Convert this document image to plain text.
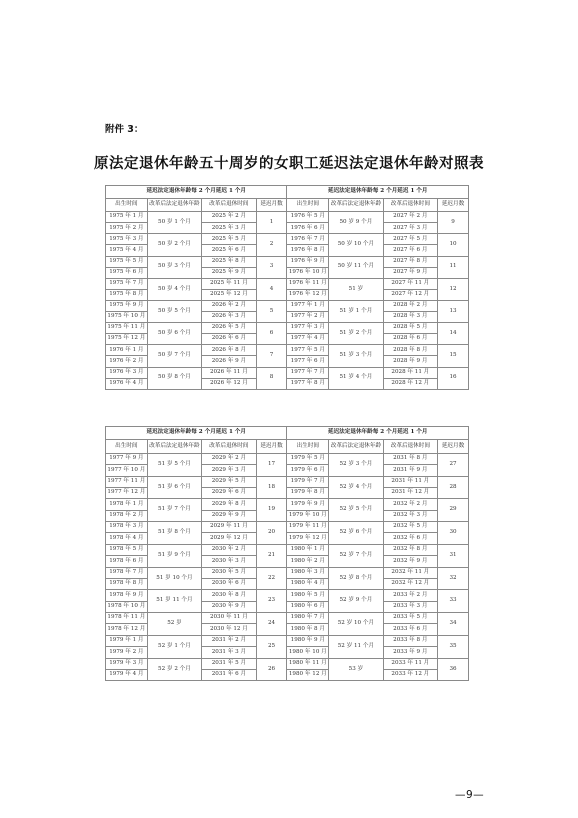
附件 3：
原法定退休年龄五十周岁的女职工延迟法定退休年龄对照表
延迟法定退休年龄每 2 个月延迟 1 个月				延迟法定退休年龄每 2 个月延迟 1 个月			
出生时间	改革后法定退休年龄	改革后退休时间	延迟月数	出生时间	改革后法定退休年龄	改革后退休时间	延迟月数
1975 年 1 月	50 岁 1 个月	2025 年 2 月	1	1976 年 5 月	50 岁 9 个月	2027 年 2 月	9
1975 年 2 月		2025 年 3 月		1976 年 6 月		2027 年 3 月	
1975 年 3 月	50 岁 2 个月	2025 年 5 月	2	1976 年 7 月	50 岁 10 个月	2027 年 5 月	10
1975 年 4 月		2025 年 6 月		1976 年 8 月		2027 年 6 月	
1975 年 5 月	50 岁 3 个月	2025 年 8 月	3	1976 年 9 月	50 岁 11 个月	2027 年 8 月	11
1975 年 6 月		2025 年 9 月		1976 年 10 月		2027 年 9 月	
1975 年 7 月	50 岁 4 个月	2025 年 11 月	4	1976 年 11 月	51 岁	2027 年 11 月	12
1975 年 8 月		2025 年 12 月		1976 年 12 月		2027 年 12 月	
1975 年 9 月	50 岁 5 个月	2026 年 2 月	5	1977 年 1 月	51 岁 1 个月	2028 年 2 月	13
1975 年 10 月		2026 年 3 月		1977 年 2 月		2028 年 3 月	
1975 年 11 月	50 岁 6 个月	2026 年 5 月	6	1977 年 3 月	51 岁 2 个月	2028 年 5 月	14
1975 年 12 月		2026 年 6 月		1977 年 4 月		2028 年 6 月	
1976 年 1 月	50 岁 7 个月	2026 年 8 月	7	1977 年 5 月	51 岁 3 个月	2028 年 8 月	15
1976 年 2 月		2026 年 9 月		1977 年 6 月		2028 年 9 月	
1976 年 3 月	50 岁 8 个月	2026 年 11 月	8	1977 年 7 月	51 岁 4 个月	2028 年 11 月	16
1976 年 4 月		2026 年 12 月		1977 年 8 月		2028 年 12 月	
延迟法定退休年龄每 2 个月延迟 1 个月				延迟法定退休年龄每 2 个月延迟 1 个月			
出生时间	改革后法定退休年龄	改革后退休时间	延迟月数	出生时间	改革后法定退休年龄	改革后退休时间	延迟月数
1977 年 9 月	51 岁 5 个月	2029 年 2 月	17	1979 年 5 月	52 岁 3 个月	2031 年 8 月	27
1977 年 10 月		2029 年 3 月		1979 年 6 月		2031 年 9 月	
1977 年 11 月	51 岁 6 个月	2029 年 5 月	18	1979 年 7 月	52 岁 4 个月	2031 年 11 月	28
1977 年 12 月		2029 年 6 月		1979 年 8 月		2031 年 12 月	
1978 年 1 月	51 岁 7 个月	2029 年 8 月	19	1979 年 9 月	52 岁 5 个月	2032 年 2 月	29
1978 年 2 月		2029 年 9 月		1979 年 10 月		2032 年 3 月	
1978 年 3 月	51 岁 8 个月	2029 年 11 月	20	1979 年 11 月	52 岁 6 个月	2032 年 5 月	30
1978 年 4 月		2029 年 12 月		1979 年 12 月		2032 年 6 月	
1978 年 5 月	51 岁 9 个月	2030 年 2 月	21	1980 年 1 月	52 岁 7 个月	2032 年 8 月	31
1978 年 6 月		2030 年 3 月		1980 年 2 月		2032 年 9 月	
1978 年 7 月	51 岁 10 个月	2030 年 5 月	22	1980 年 3 月	52 岁 8 个月	2032 年 11 月	32
1978 年 8 月		2030 年 6 月		1980 年 4 月		2032 年 12 月	
1978 年 9 月	51 岁 11 个月	2030 年 8 月	23	1980 年 5 月	52 岁 9 个月	2033 年 2 月	33
1978 年 10 月		2030 年 9 月		1980 年 6 月		2033 年 3 月	
1978 年 11 月	52 岁	2030 年 11 月	24	1980 年 7 月	52 岁 10 个月	2033 年 5 月	34
1978 年 12 月		2030 年 12 月		1980 年 8 月		2033 年 6 月	
1979 年 1 月	52 岁 1 个月	2031 年 2 月	25	1980 年 9 月	52 岁 11 个月	2033 年 8 月	35
1979 年 2 月		2031 年 3 月		1980 年 10 月		2033 年 9 月	
1979 年 3 月	52 岁 2 个月	2031 年 5 月	26	1980 年 11 月	53 岁	2033 年 11 月	36
1979 年 4 月		2031 年 6 月		1980 年 12 月		2033 年 12 月	
—9—
